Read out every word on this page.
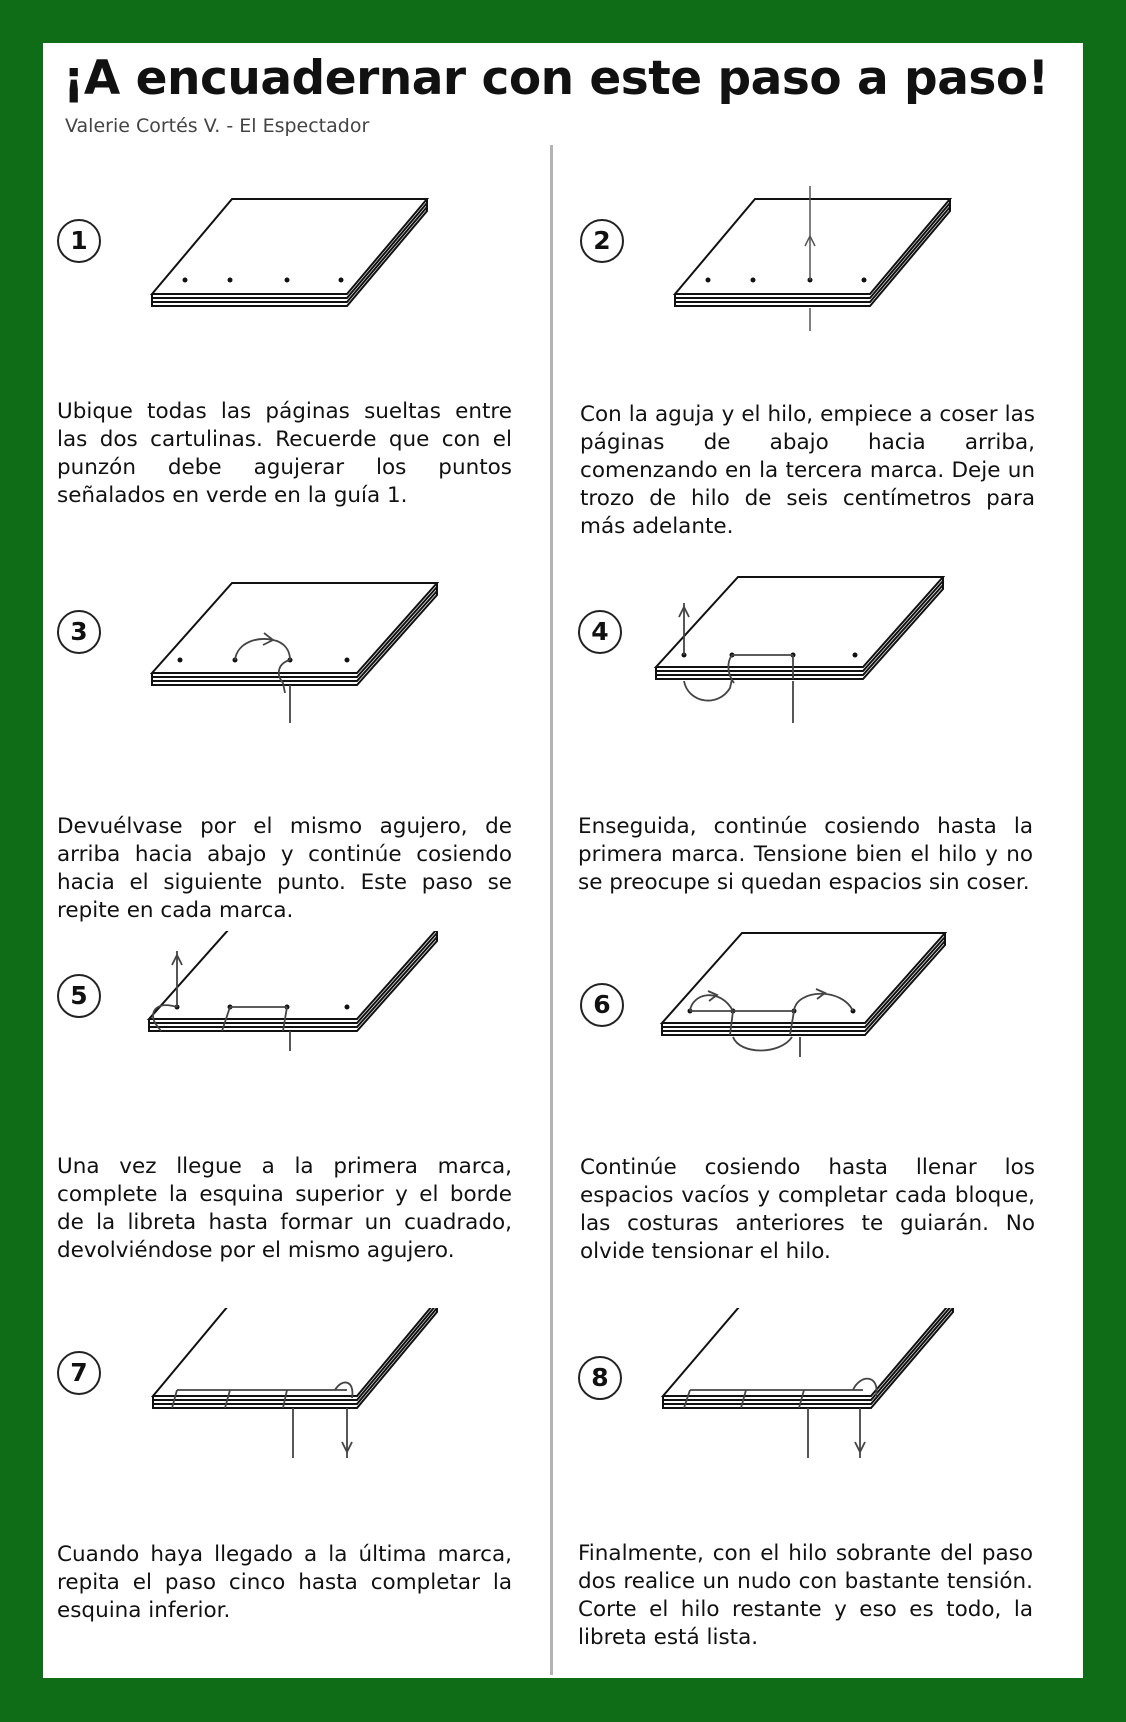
¡A encuadernar con este paso a paso!
Valerie Cortés V. - El Espectador
1

Ubique todas las páginas sueltas entre las dos cartulinas. Recuerde que con el punzón debe agujerar los puntos señalados en verde en la guía 1.

2

Con la aguja y el hilo, empiece a coser las páginas de abajo hacia arriba, comenzando en la tercera marca. Deje un trozo de hilo de seis centímetros para más adelante.

3

Devuélvase por el mismo agujero, de arriba hacia abajo y continúe cosiendo hacia el siguiente punto. Este paso se repite en cada marca.

4

Enseguida, continúe cosiendo hasta la primera marca. Tensione bien el hilo y no se preocupe si quedan espacios sin coser.

5

Una vez llegue a la primera marca, complete la esquina superior y el borde de la libreta hasta formar un cuadrado, devolviéndose por el mismo agujero.

6

Continúe cosiendo hasta llenar los espacios vacíos y completar cada bloque, las costuras anteriores te guiarán. No olvide tensionar el hilo.

7

Cuando haya llegado a la última marca, repita el paso cinco hasta completar la esquina inferior.

8

Finalmente, con el hilo sobrante del paso dos realice un nudo con bastante tensión. Corte el hilo restante y eso es todo, la libreta está lista.
